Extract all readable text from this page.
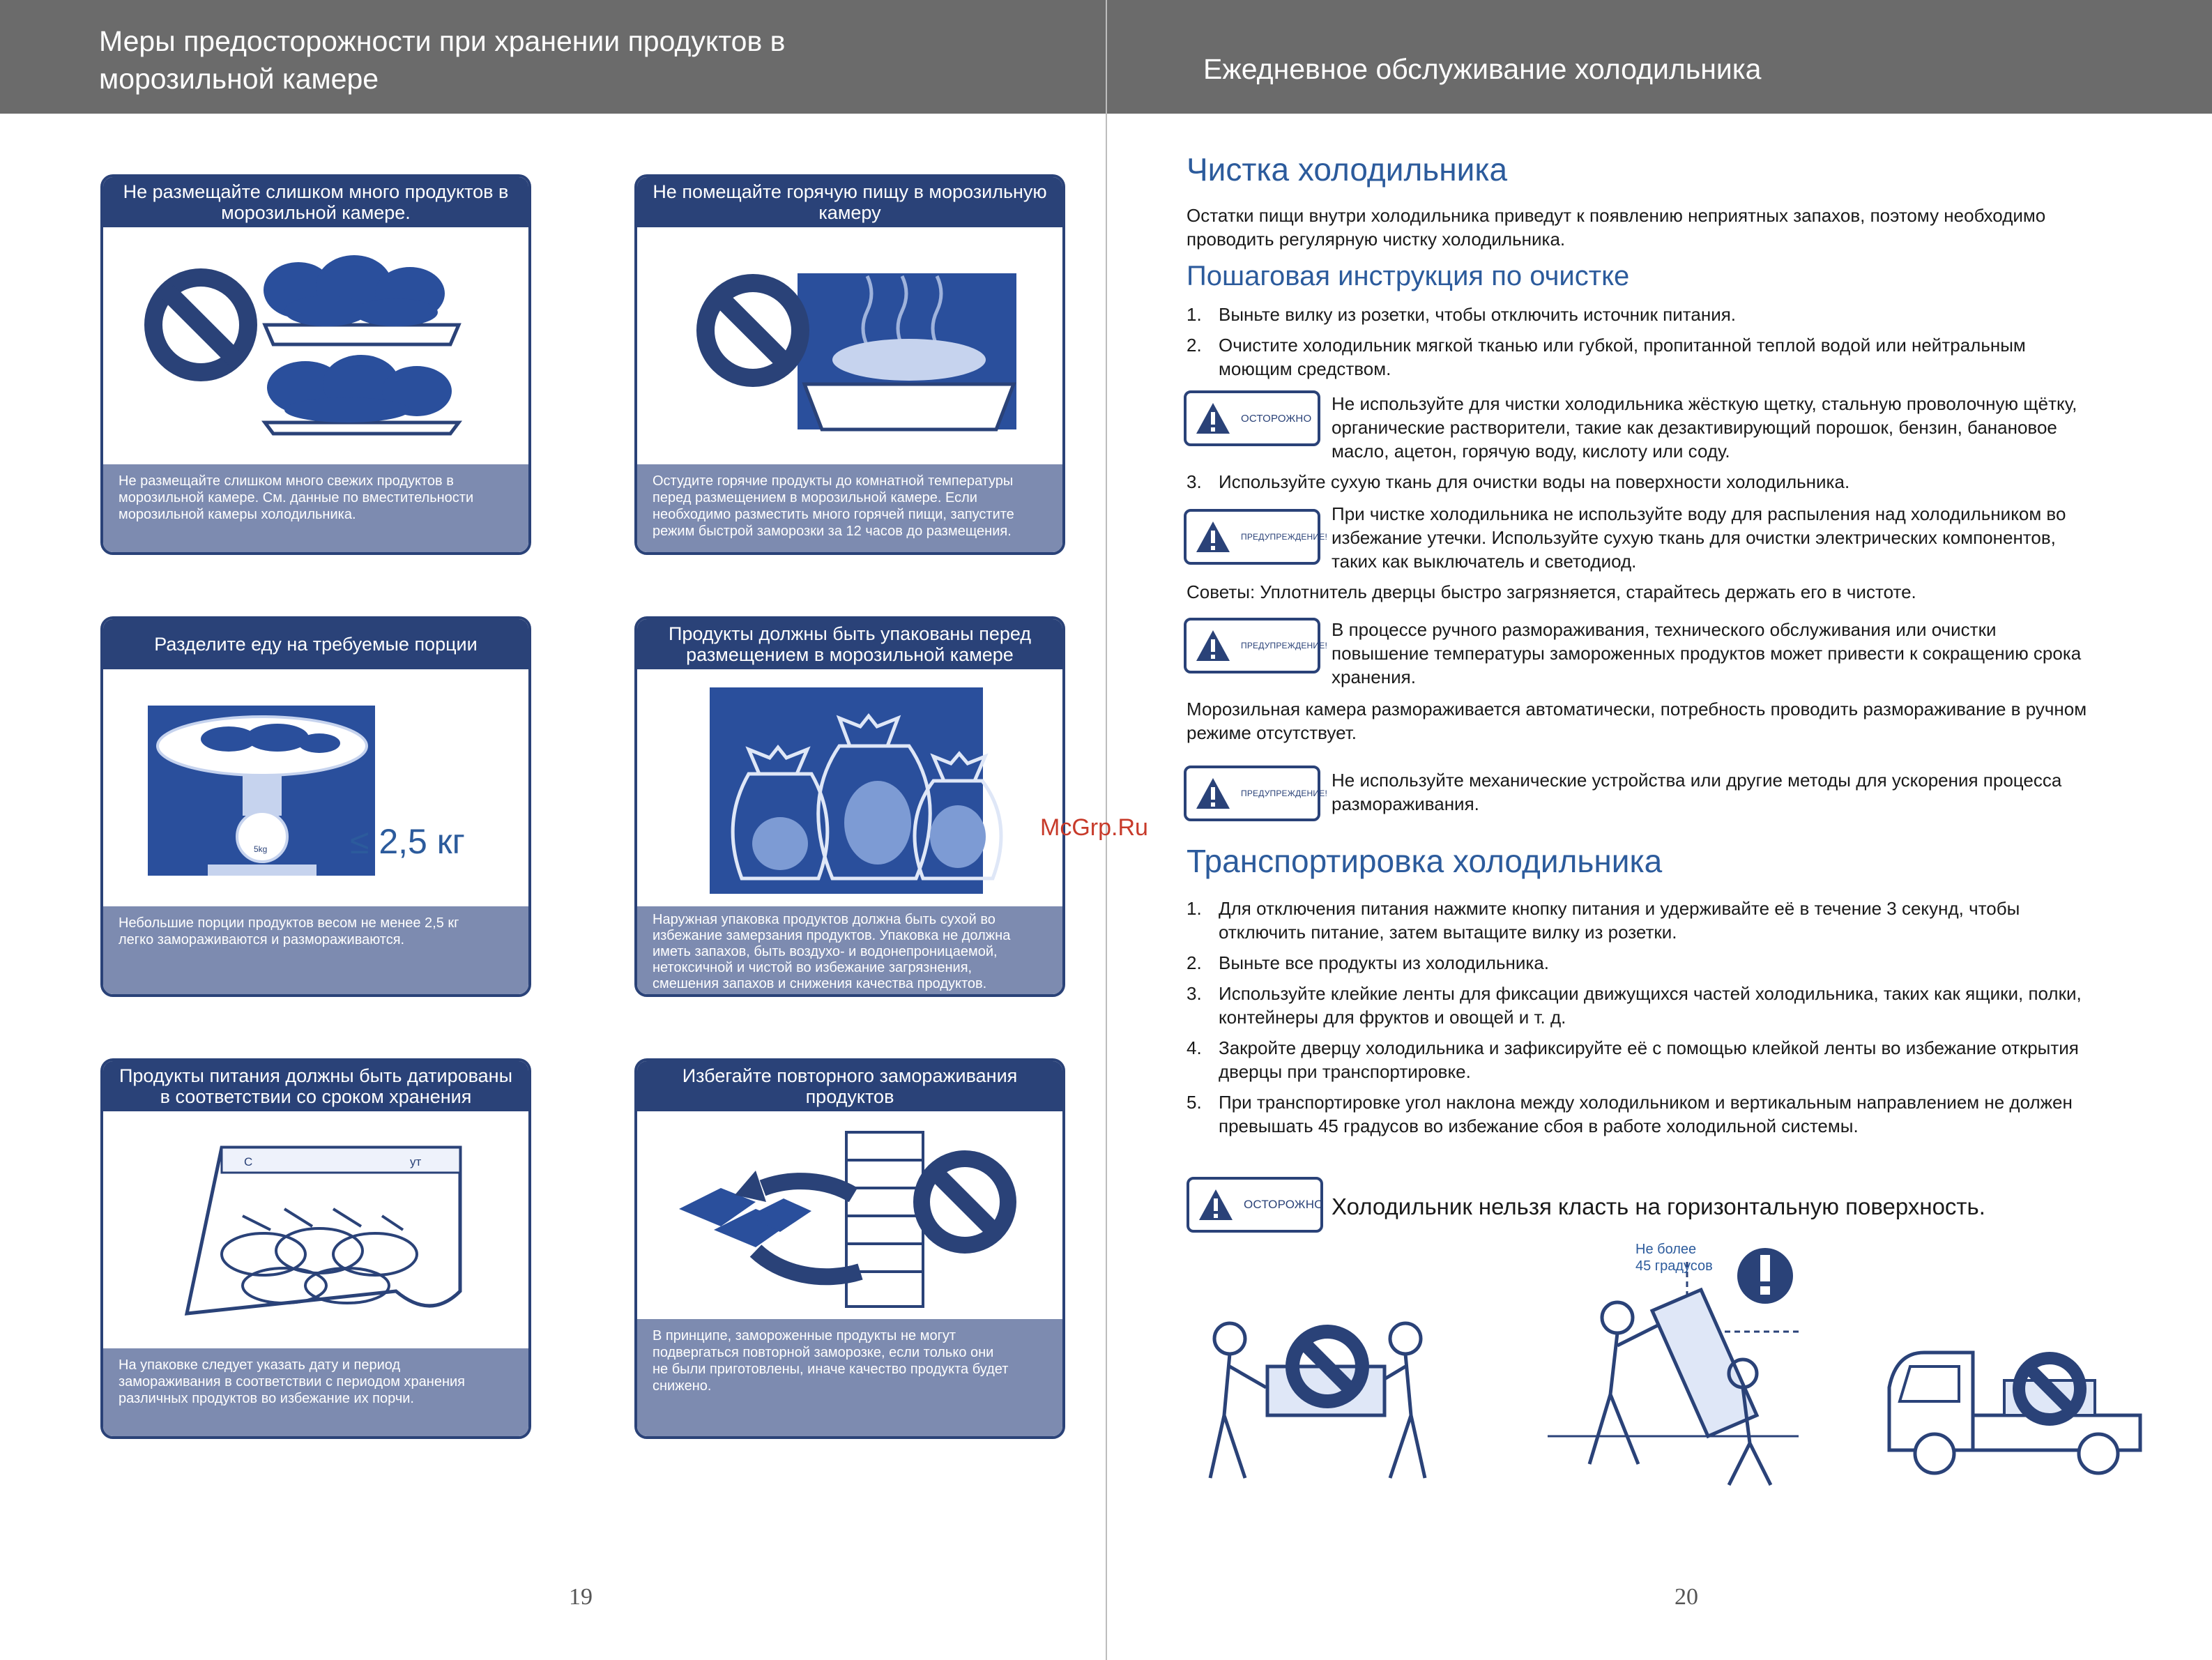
Меры предосторожности при хранении продуктов в
морозильной камере	Ежедневное обслуживание холодильника
Не размещайте слишком много продуктов в
морозильной камере.
Не размещайте слишком много свежих продуктов в
морозильной камере. См. данные по вместительности
морозильной камеры холодильника.
Не помещайте горячую пищу в морозильную
камеру
Остудите горячие продукты до комнатной температуры
перед размещением в морозильной камере. Если
необходимо разместить много горячей пищи, запустите
режим быстрой заморозки за 12 часов до размещения.
Разделите еду на требуемые порции
5kg ≤ 2,5 кг
Небольшие порции продуктов весом не менее 2,5 кг
легко замораживаются и размораживаются.
Продукты должны быть упакованы перед
размещением в морозильной камере
Наружная упаковка продуктов должна быть сухой во
избежание замерзания продуктов. Упаковка не должна
иметь запахов, быть воздухо- и водонепроницаемой,
нетоксичной и чистой во избежание загрязнения,
смешения запахов и снижения качества продуктов.
Продукты питания должны быть датированы
в соответствии со сроком хранения
С	ут
На упаковке следует указать дату и период
замораживания в соответствии с периодом хранения
различных продуктов во избежание их порчи.
Избегайте повторного замораживания
продуктов
В принципе, замороженные продукты не могут
подвергаться повторной заморозке, если только они
не были приготовлены, иначе качество продукта будет
снижено.
19
Чистка холодильника
Остатки пищи внутри холодильника приведут к появлению неприятных запахов, поэтому необходимо
проводить регулярную чистку холодильника.
Пошаговая инструкция по очистке
1. Выньте вилку из розетки, чтобы отключить источник питания.
2. Очистите холодильник мягкой тканью или губкой, пропитанной теплой водой или нейтральным
моющим средством.
ОСТОРОЖНО
Не используйте для чистки холодильника жёсткую щетку, стальную проволочную щётку,
органические растворители, такие как дезактивирующий порошок, бензин, банановое
масло, ацетон, горячую воду, кислоту или соду.
3. Используйте сухую ткань для очистки воды на поверхности холодильника.
ПРЕДУПРЕЖДЕНИЕ!
При чистке холодильника не используйте воду для распыления над холодильником во
избежание утечки. Используйте сухую ткань для очистки электрических компонентов,
таких как выключатель и светодиод.
Советы: Уплотнитель дверцы быстро загрязняется, старайтесь держать его в чистоте.
ПРЕДУПРЕЖДЕНИЕ!
В процессе ручного размораживания, технического обслуживания или очистки
повышение температуры замороженных продуктов может привести к сокращению срока
хранения.
Морозильная камера размораживается автоматически, потребность проводить размораживание в ручном
режиме отсутствует.
ПРЕДУПРЕЖДЕНИЕ!
Не используйте механические устройства или другие методы для ускорения процесса
размораживания.
McGrp.Ru
Транспортировка холодильника
1. Для отключения питания нажмите кнопку питания и удерживайте её в течение 3 секунд, чтобы
отключить питание, затем вытащите вилку из розетки.
2. Выньте все продукты из холодильника.
3. Используйте клейкие ленты для фиксации движущихся частей холодильника, таких как ящики, полки,
контейнеры для фруктов и овощей и т. д.
4. Закройте дверцу холодильника и зафиксируйте её с помощью клейкой ленты во избежание открытия
дверцы при транспортировке.
5. При транспортировке угол наклона между холодильником и вертикальным направлением не должен
превышать 45 градусов во избежание сбоя в работе холодильной системы.
ОСТОРОЖНО Холодильник нельзя класть на горизонтальную поверхность.
Не более
45 градусов
20
